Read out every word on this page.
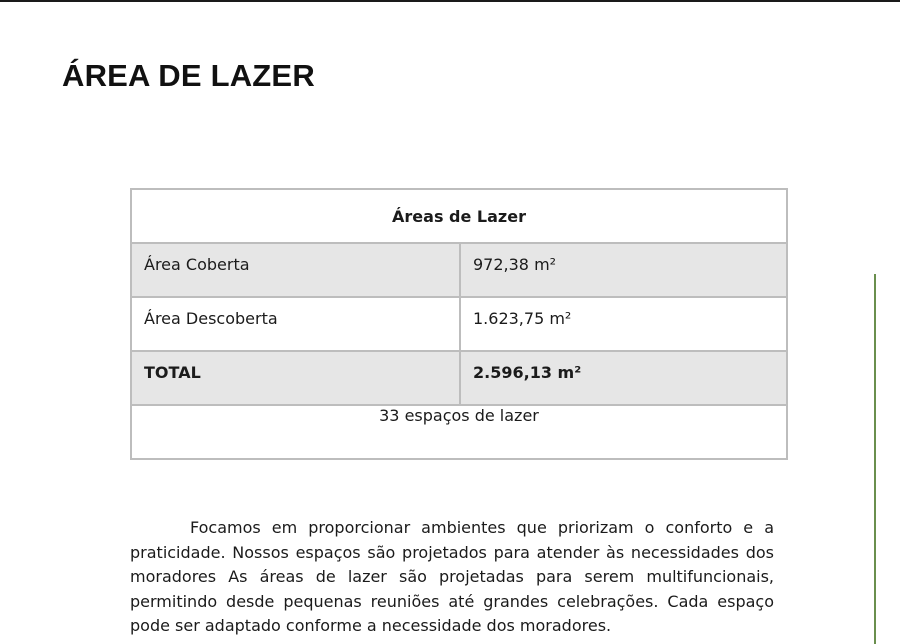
ÁREA DE LAZER
Áreas de Lazer	
Área Coberta	972,38 m²
Área Descoberta	1.623,75 m²
TOTAL	2.596,13 m²
33 espaços de lazer	

Focamos em proporcionar ambientes que priorizam o conforto e a praticidade. Nossos espaços são projetados para atender às necessidades dos moradores As áreas de lazer são projetadas para serem multifuncionais, permitindo desde pequenas reuniões até grandes celebrações. Cada espaço pode ser adaptado conforme a necessidade dos moradores.
